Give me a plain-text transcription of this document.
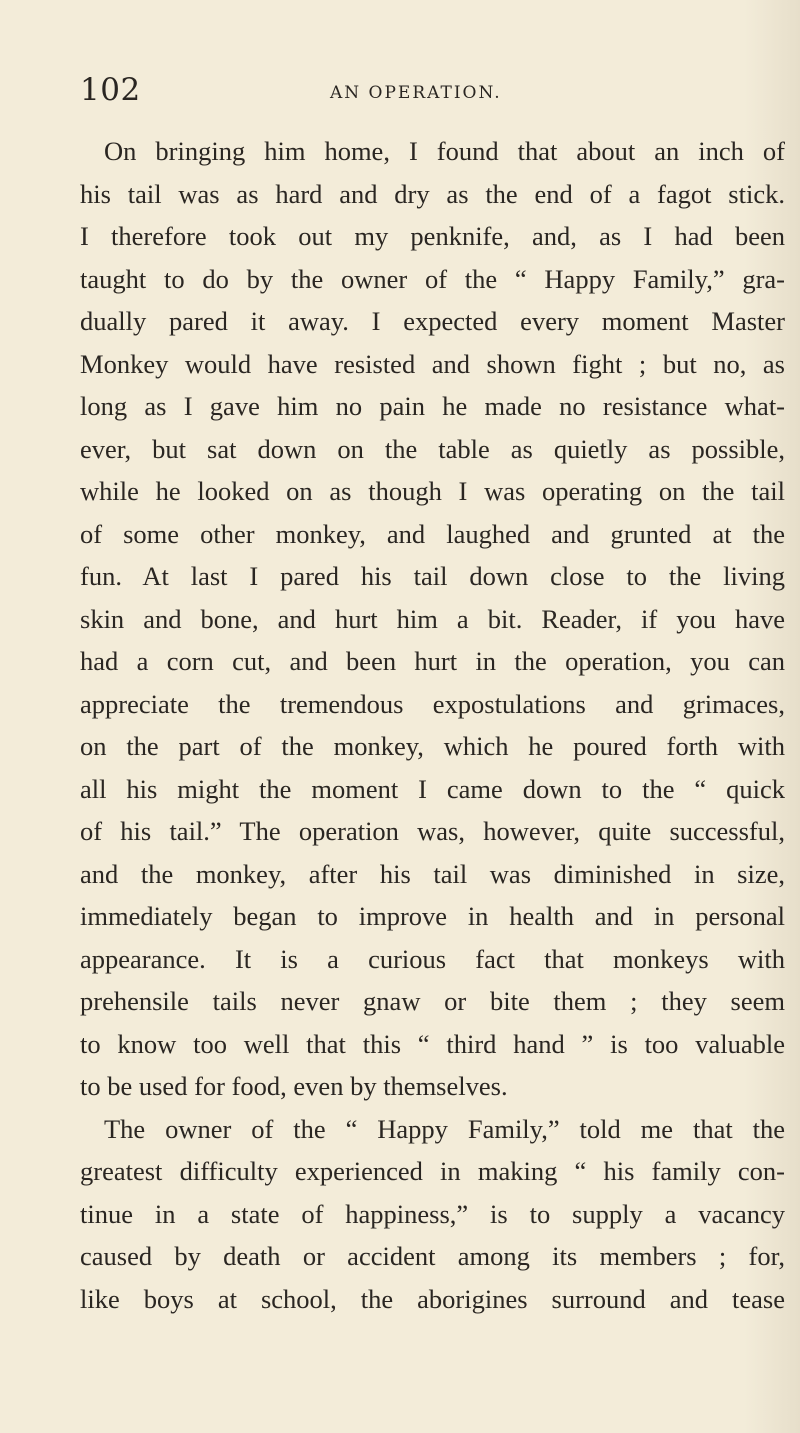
102	AN OPERATION.
On bringing him home, I found that about an inch of
his tail was as hard and dry as the end of a fagot stick.
I therefore took out my penknife, and, as I had been
taught to do by the owner of the “ Happy Family,” gra-
dually pared it away. I expected every moment Master
Monkey would have resisted and shown fight ; but no, as
long as I gave him no pain he made no resistance what-
ever, but sat down on the table as quietly as possible,
while he looked on as though I was operating on the tail
of some other monkey, and laughed and grunted at the
fun. At last I pared his tail down close to the living
skin and bone, and hurt him a bit. Reader, if you have
had a corn cut, and been hurt in the operation, you can
appreciate the tremendous expostulations and grimaces,
on the part of the monkey, which he poured forth with
all his might the moment I came down to the “ quick
of his tail.” The operation was, however, quite successful,
and the monkey, after his tail was diminished in size,
immediately began to improve in health and in personal
appearance. It is a curious fact that monkeys with
prehensile tails never gnaw or bite them ; they seem
to know too well that this “ third hand ” is too valuable
to be used for food, even by themselves.
The owner of the “ Happy Family,” told me that the
greatest difficulty experienced in making “ his family con-
tinue in a state of happiness,” is to supply a vacancy
caused by death or accident among its members ; for,
like boys at school, the aborigines surround and tease
